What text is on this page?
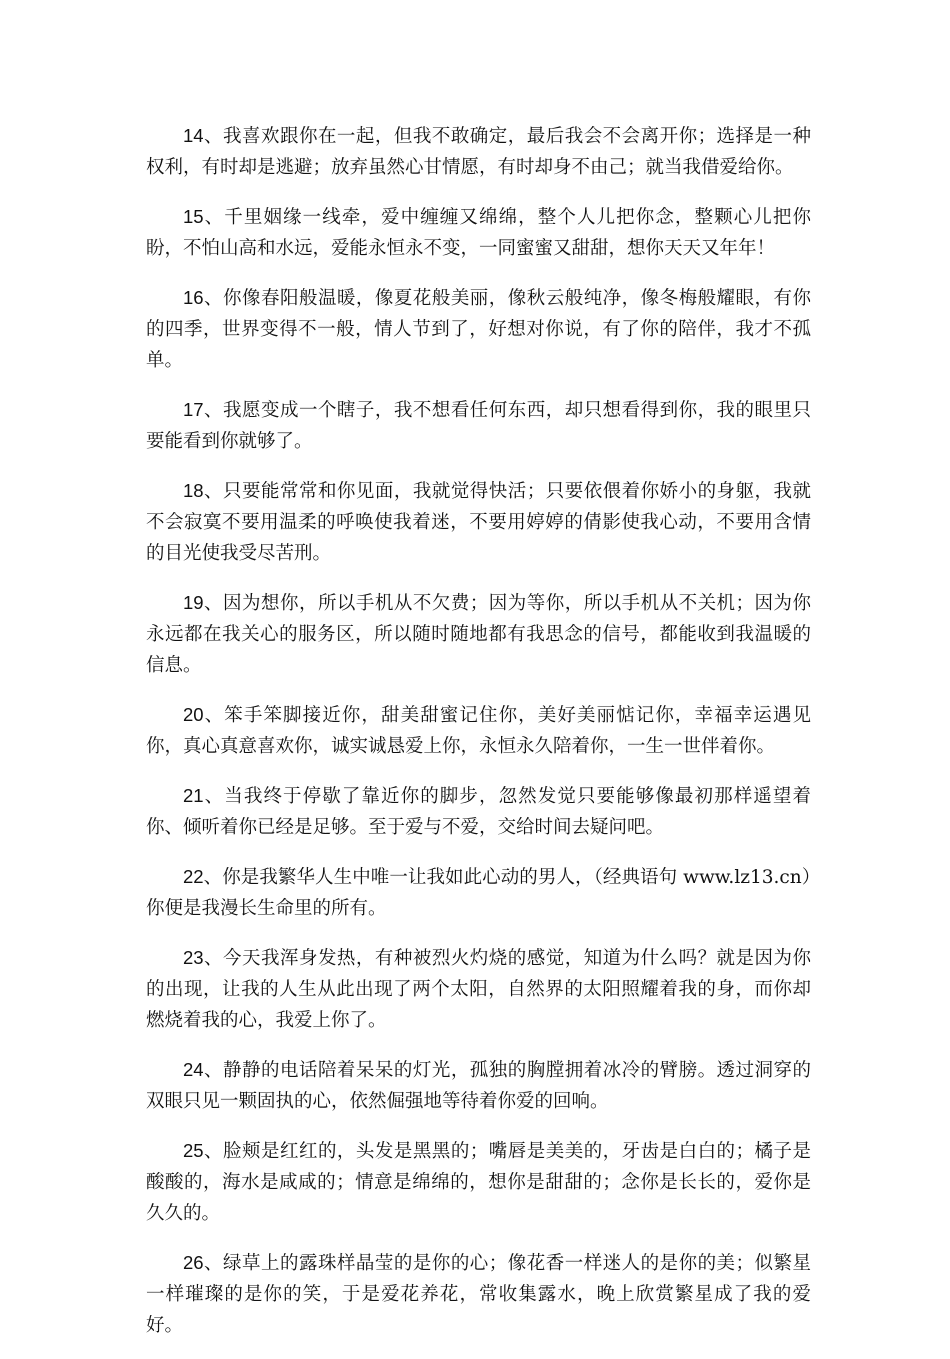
14、我喜欢跟你在一起，但我不敢确定，最后我会不会离开你；选择是一种权利，有时却是逃避；放弃虽然心甘情愿，有时却身不由己；就当我借爱给你。

15、千里姻缘一线牵，爱中缠缠又绵绵，整个人儿把你念，整颗心儿把你盼，不怕山高和水远，爱能永恒永不变，一同蜜蜜又甜甜，想你天天又年年！

16、你像春阳般温暖，像夏花般美丽，像秋云般纯净，像冬梅般耀眼，有你的四季，世界变得不一般，情人节到了，好想对你说，有了你的陪伴，我才不孤单。

17、我愿变成一个瞎子，我不想看任何东西，却只想看得到你，我的眼里只要能看到你就够了。

18、只要能常常和你见面，我就觉得快活；只要依偎着你娇小的身躯，我就不会寂寞不要用温柔的呼唤使我着迷，不要用婷婷的倩影使我心动，不要用含情的目光使我受尽苦刑。

19、因为想你，所以手机从不欠费；因为等你，所以手机从不关机；因为你永远都在我关心的服务区，所以随时随地都有我思念的信号，都能收到我温暖的信息。

20、笨手笨脚接近你，甜美甜蜜记住你，美好美丽惦记你，幸福幸运遇见你，真心真意喜欢你，诚实诚恳爱上你，永恒永久陪着你，一生一世伴着你。

21、当我终于停歇了靠近你的脚步，忽然发觉只要能够像最初那样遥望着你、倾听着你已经是足够。至于爱与不爱，交给时间去疑问吧。

22、你是我繁华人生中唯一让我如此心动的男人，（经典语句 www.lz13.cn）你便是我漫长生命里的所有。

23、今天我浑身发热，有种被烈火灼烧的感觉，知道为什么吗？就是因为你的出现，让我的人生从此出现了两个太阳，自然界的太阳照耀着我的身，而你却燃烧着我的心，我爱上你了。

24、静静的电话陪着呆呆的灯光，孤独的胸膛拥着冰冷的臂膀。透过洞穿的双眼只见一颗固执的心，依然倔强地等待着你爱的回响。

25、脸颊是红红的，头发是黑黑的；嘴唇是美美的，牙齿是白白的；橘子是酸酸的，海水是咸咸的；情意是绵绵的，想你是甜甜的；念你是长长的，爱你是久久的。

26、绿草上的露珠样晶莹的是你的心；像花香一样迷人的是你的美；似繁星一样璀璨的是你的笑，于是爱花养花，常收集露水，晚上欣赏繁星成了我的爱好。
